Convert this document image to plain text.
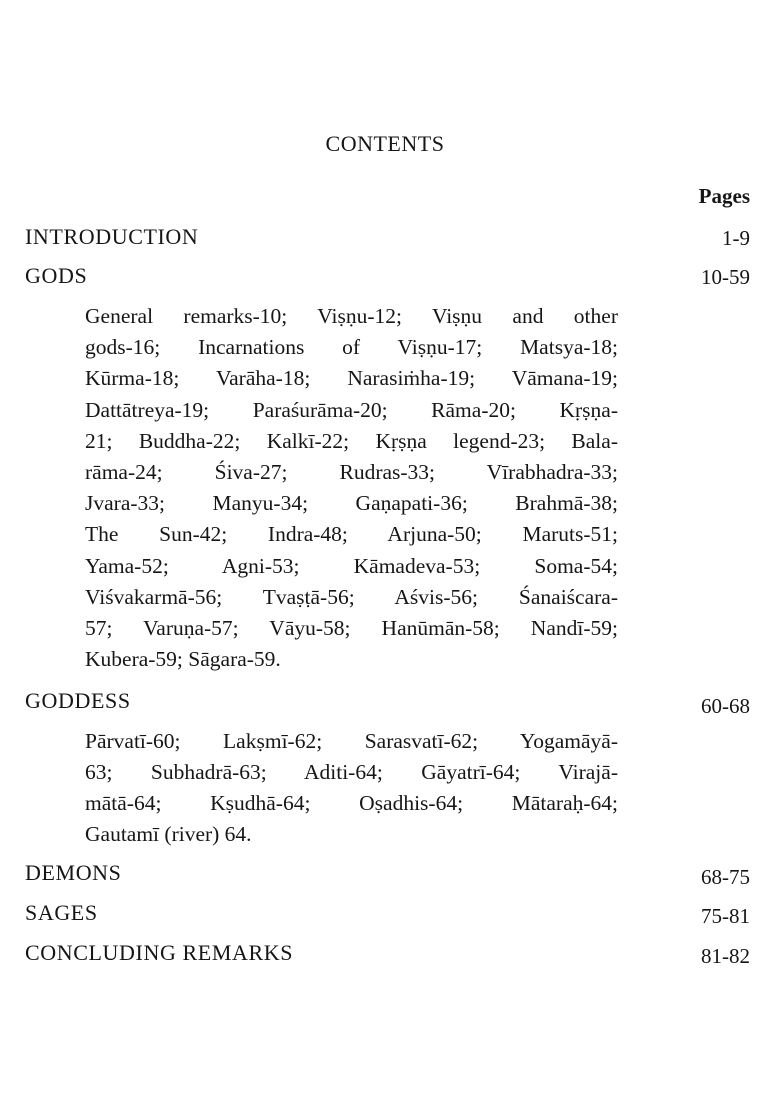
CONTENTS
Pages
INTRODUCTION	1-9
GODS	10-59
General remarks-10; Viṣṇu-12; Viṣṇu and other
gods-16; Incarnations of Viṣṇu-17; Matsya-18;
Kūrma-18; Varāha-18; Narasiṁha-19; Vāmana-19;
Dattātreya-19; Paraśurāma-20; Rāma-20; Kṛṣṇa-
21; Buddha-22; Kalkī-22; Kṛṣṇa legend-23; Bala-
rāma-24; Śiva-27; Rudras-33; Vīrabhadra-33;
Jvara-33; Manyu-34; Gaṇapati-36; Brahmā-38;
The Sun-42; Indra-48; Arjuna-50; Maruts-51;
Yama-52; Agni-53; Kāmadeva-53; Soma-54;
Viśvakarmā-56; Tvaṣṭā-56; Aśvis-56; Śanaiścara-
57; Varuṇa-57; Vāyu-58; Hanūmān-58; Nandī-59;
Kubera-59; Sāgara-59.
GODDESS	60-68
Pārvatī-60; Lakṣmī-62; Sarasvatī-62; Yogamāyā-
63; Subhadrā-63; Aditi-64; Gāyatrī-64; Virajā-
mātā-64; Kṣudhā-64; Oṣadhis-64; Mātaraḥ-64;
Gautamī (river) 64.
DEMONS	68-75
SAGES	75-81
CONCLUDING REMARKS	81-82
